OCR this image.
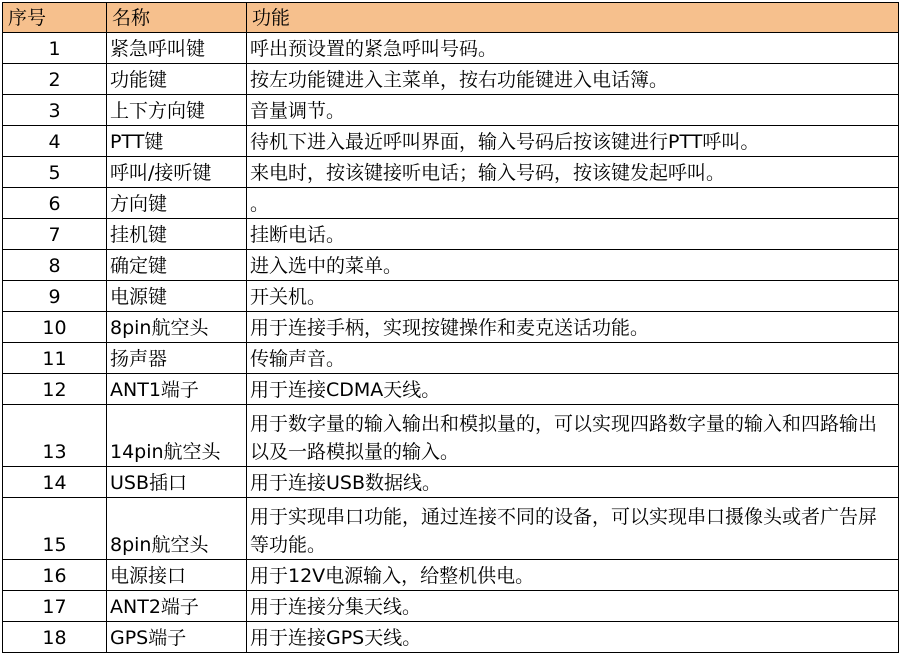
序号	名称	功能
1	紧急呼叫键	呼出预设置的紧急呼叫号码。
2	功能键	按左功能键进入主菜单，按右功能键进入电话簿。
3	上下方向键	音量调节。
4	PTT键	待机下进入最近呼叫界面，输入号码后按该键进行PTT呼叫。
5	呼叫/接听键	来电时，按该键接听电话；输入号码，按该键发起呼叫。
6	方向键	。
7	挂机键	挂断电话。
8	确定键	进入选中的菜单。
9	电源键	开关机。
10	8pin航空头	用于连接手柄，实现按键操作和麦克送话功能。
11	扬声器	传输声音。
12	ANT1端子	用于连接CDMA天线。
13	14pin航空头	用于数字量的输入输出和模拟量的，可以实现四路数字量的输入和四路输出以及一路模拟量的输入。
14	USB插口	用于连接USB数据线。
15	8pin航空头	用于实现串口功能，通过连接不同的设备，可以实现串口摄像头或者广告屏等功能。
16	电源接口	用于12V电源输入，给整机供电。
17	ANT2端子	用于连接分集天线。
18	GPS端子	用于连接GPS天线。
